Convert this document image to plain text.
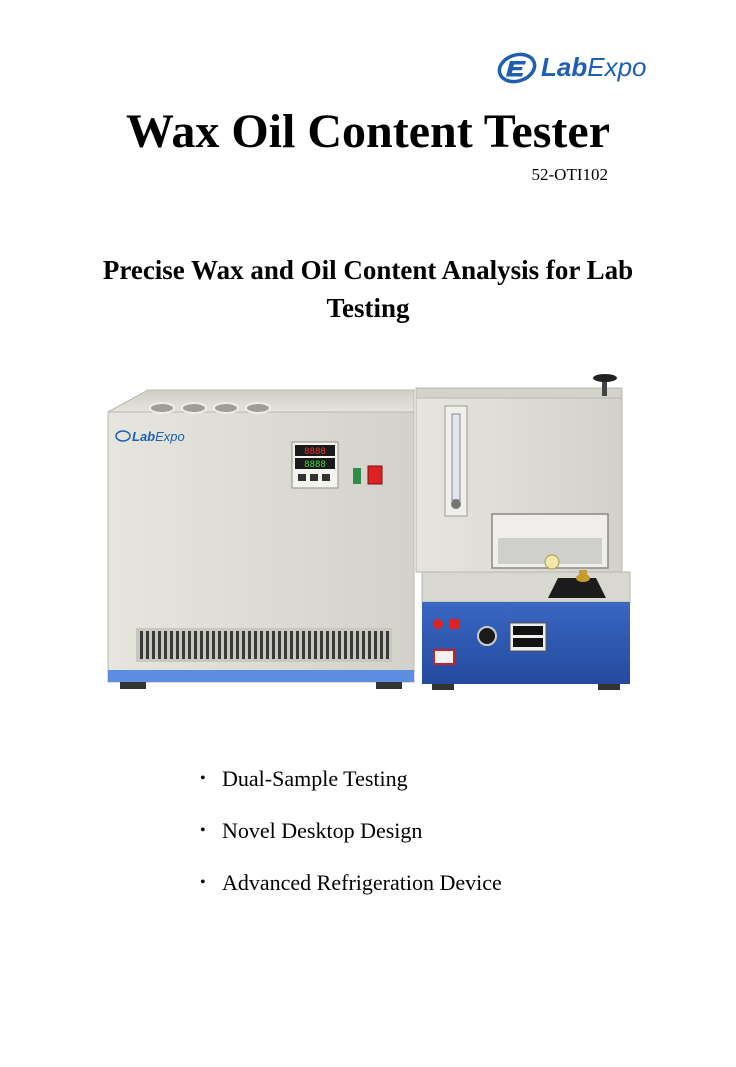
LabExpo
Wax Oil Content Tester
52-OTI102
Precise Wax and Oil Content Analysis for Lab Testing
LabExpo
8888
8888
• Dual-Sample Testing
• Novel Desktop Design
• Advanced Refrigeration Device
